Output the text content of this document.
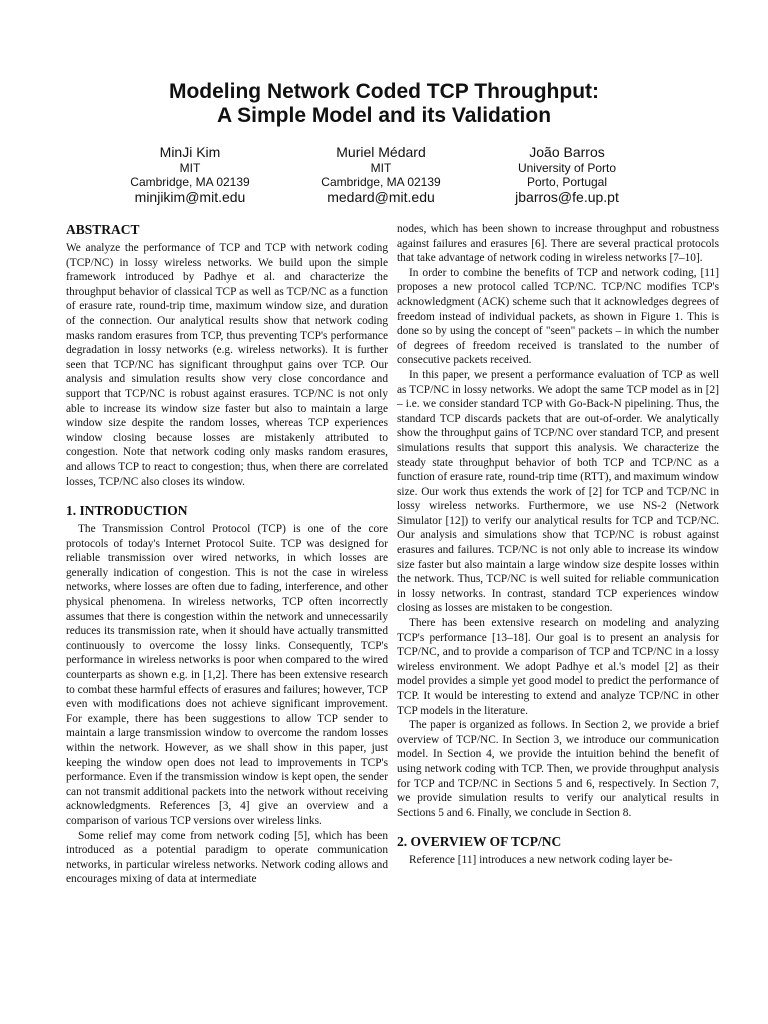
Modeling Network Coded TCP Throughput:
A Simple Model and its Validation
MinJi Kim
MIT
Cambridge, MA 02139
minjikim@mit.edu
Muriel Médard
MIT
Cambridge, MA 02139
medard@mit.edu
João Barros
University of Porto
Porto, Portugal
jbarros@fe.up.pt
ABSTRACT

We analyze the performance of TCP and TCP with network coding (TCP/NC) in lossy wireless networks. We build upon the simple framework introduced by Padhye et al. and characterize the throughput behavior of classical TCP as well as TCP/NC as a function of erasure rate, round-trip time, maximum window size, and duration of the connection. Our analytical results show that network coding masks random erasures from TCP, thus preventing TCP's performance degradation in lossy networks (e.g. wireless networks). It is further seen that TCP/NC has significant throughput gains over TCP. Our analysis and simulation results show very close concordance and support that TCP/NC is robust against erasures. TCP/NC is not only able to increase its window size faster but also to maintain a large window size despite the random losses, whereas TCP experiences window closing because losses are mistakenly attributed to congestion. Note that network coding only masks random erasures, and allows TCP to react to congestion; thus, when there are correlated losses, TCP/NC also closes its window.

1. INTRODUCTION

The Transmission Control Protocol (TCP) is one of the core protocols of today's Internet Protocol Suite. TCP was designed for reliable transmission over wired networks, in which losses are generally indication of congestion. This is not the case in wireless networks, where losses are often due to fading, interference, and other physical phenomena. In wireless networks, TCP often incorrectly assumes that there is congestion within the network and unnecessarily reduces its transmission rate, when it should have actually transmitted continuously to overcome the lossy links. Consequently, TCP's performance in wireless networks is poor when compared to the wired counterparts as shown e.g. in [1,2]. There has been extensive research to combat these harmful effects of erasures and failures; however, TCP even with modifications does not achieve significant improvement. For example, there has been suggestions to allow TCP sender to maintain a large transmission window to overcome the random losses within the network. However, as we shall show in this paper, just keeping the window open does not lead to improvements in TCP's performance. Even if the transmission window is kept open, the sender can not transmit additional packets into the network without receiving acknowledgments. References [3, 4] give an overview and a comparison of various TCP versions over wireless links.

Some relief may come from network coding [5], which has been introduced as a potential paradigm to operate communication networks, in particular wireless networks. Network coding allows and encourages mixing of data at intermediate

nodes, which has been shown to increase throughput and robustness against failures and erasures [6]. There are several practical protocols that take advantage of network coding in wireless networks [7–10].

In order to combine the benefits of TCP and network coding, [11] proposes a new protocol called TCP/NC. TCP/NC modifies TCP's acknowledgment (ACK) scheme such that it acknowledges degrees of freedom instead of individual packets, as shown in Figure 1. This is done so by using the concept of "seen" packets – in which the number of degrees of freedom received is translated to the number of consecutive packets received.

In this paper, we present a performance evaluation of TCP as well as TCP/NC in lossy networks. We adopt the same TCP model as in [2] – i.e. we consider standard TCP with Go-Back-N pipelining. Thus, the standard TCP discards packets that are out-of-order. We analytically show the throughput gains of TCP/NC over standard TCP, and present simulations results that support this analysis. We characterize the steady state throughput behavior of both TCP and TCP/NC as a function of erasure rate, round-trip time (RTT), and maximum window size. Our work thus extends the work of [2] for TCP and TCP/NC in lossy wireless networks. Furthermore, we use NS-2 (Network Simulator [12]) to verify our analytical results for TCP and TCP/NC. Our analysis and simulations show that TCP/NC is robust against erasures and failures. TCP/NC is not only able to increase its window size faster but also maintain a large window size despite losses within the network. Thus, TCP/NC is well suited for reliable communication in lossy networks. In contrast, standard TCP experiences window closing as losses are mistaken to be congestion.

There has been extensive research on modeling and analyzing TCP's performance [13–18]. Our goal is to present an analysis for TCP/NC, and to provide a comparison of TCP and TCP/NC in a lossy wireless environment. We adopt Padhye et al.'s model [2] as their model provides a simple yet good model to predict the performance of TCP. It would be interesting to extend and analyze TCP/NC in other TCP models in the literature.

The paper is organized as follows. In Section 2, we provide a brief overview of TCP/NC. In Section 3, we introduce our communication model. In Section 4, we provide the intuition behind the benefit of using network coding with TCP. Then, we provide throughput analysis for TCP and TCP/NC in Sections 5 and 6, respectively. In Section 7, we provide simulation results to verify our analytical results in Sections 5 and 6. Finally, we conclude in Section 8.

2. OVERVIEW OF TCP/NC

Reference [11] introduces a new network coding layer be-
